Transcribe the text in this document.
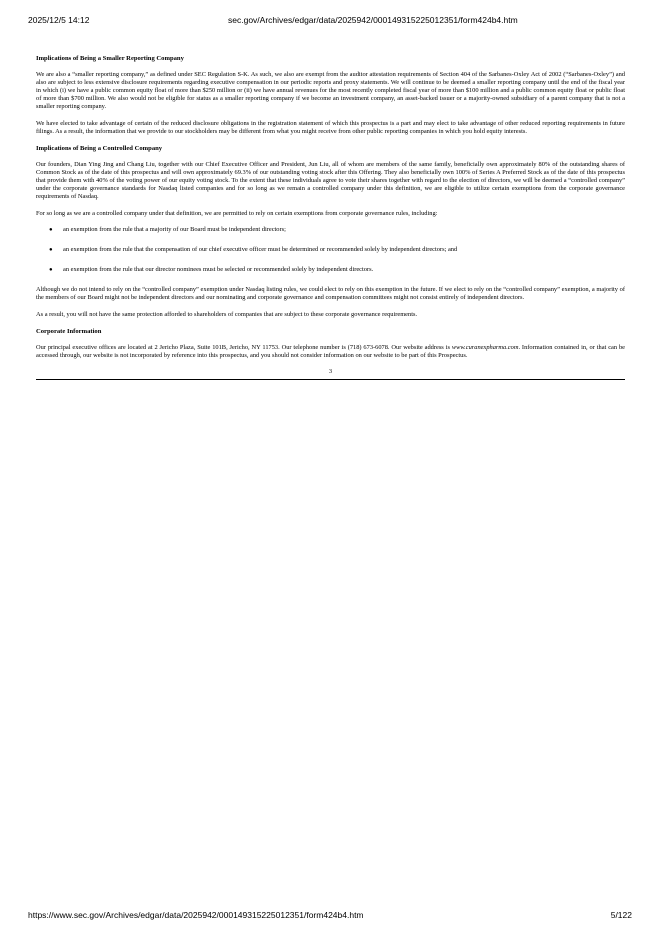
2025/12/5 14:12	sec.gov/Archives/edgar/data/2025942/000149315225012351/form424b4.htm
Implications of Being a Smaller Reporting Company

We are also a “smaller reporting company,” as defined under SEC Regulation S-K. As such, we also are exempt from the auditor attestation requirements of Section 404 of the Sarbanes-Oxley Act of 2002 (“Sarbanes-Oxley”) and also are subject to less extensive disclosure requirements regarding executive compensation in our periodic reports and proxy statements. We will continue to be deemed a smaller reporting company until the end of the fiscal year in which (i) we have a public common equity float of more than $250 million or (ii) we have annual revenues for the most recently completed fiscal year of more than $100 million and a public common equity float or public float of more than $700 million. We also would not be eligible for status as a smaller reporting company if we become an investment company, an asset-backed issuer or a majority-owned subsidiary of a parent company that is not a smaller reporting company.

We have elected to take advantage of certain of the reduced disclosure obligations in the registration statement of which this prospectus is a part and may elect to take advantage of other reduced reporting requirements in future filings. As a result, the information that we provide to our stockholders may be different from what you might receive from other public reporting companies in which you hold equity interests.

Implications of Being a Controlled Company

Our founders, Dian Ying Jing and Chang Liu, together with our Chief Executive Officer and President, Jun Liu, all of whom are members of the same family, beneficially own approximately 80% of the outstanding shares of Common Stock as of the date of this prospectus and will own approximately 69.3% of our outstanding voting stock after this Offering. They also beneficially own 100% of Series A Preferred Stock as of the date of this prospectus that provide them with 40% of the voting power of our equity voting stock. To the extent that these individuals agree to vote their shares together with regard to the election of directors, we will be deemed a “controlled company” under the corporate governance standards for Nasdaq listed companies and for so long as we remain a controlled company under this definition, we are eligible to utilize certain exemptions from the corporate governance requirements of Nasdaq.

For so long as we are a controlled company under that definition, we are permitted to rely on certain exemptions from corporate governance rules, including:

● an exemption from the rule that a majority of our Board must be independent directors;
● an exemption from the rule that the compensation of our chief executive officer must be determined or recommended solely by independent directors; and
● an exemption from the rule that our director nominees must be selected or recommended solely by independent directors.

Although we do not intend to rely on the “controlled company” exemption under Nasdaq listing rules, we could elect to rely on this exemption in the future. If we elect to rely on the “controlled company” exemption, a majority of the members of our Board might not be independent directors and our nominating and corporate governance and compensation committees might not consist entirely of independent directors.

As a result, you will not have the same protection afforded to shareholders of companies that are subject to these corporate governance requirements.

Corporate Information

Our principal executive offices are located at 2 Jericho Plaza, Suite 101B, Jericho, NY 11753. Our telephone number is (718) 673-6078. Our website address is www.curanexpharma.com. Information contained in, or that can be accessed through, our website is not incorporated by reference into this prospectus, and you should not consider information on our website to be part of this Prospectus.

3
https://www.sec.gov/Archives/edgar/data/2025942/000149315225012351/form424b4.htm	5/122
